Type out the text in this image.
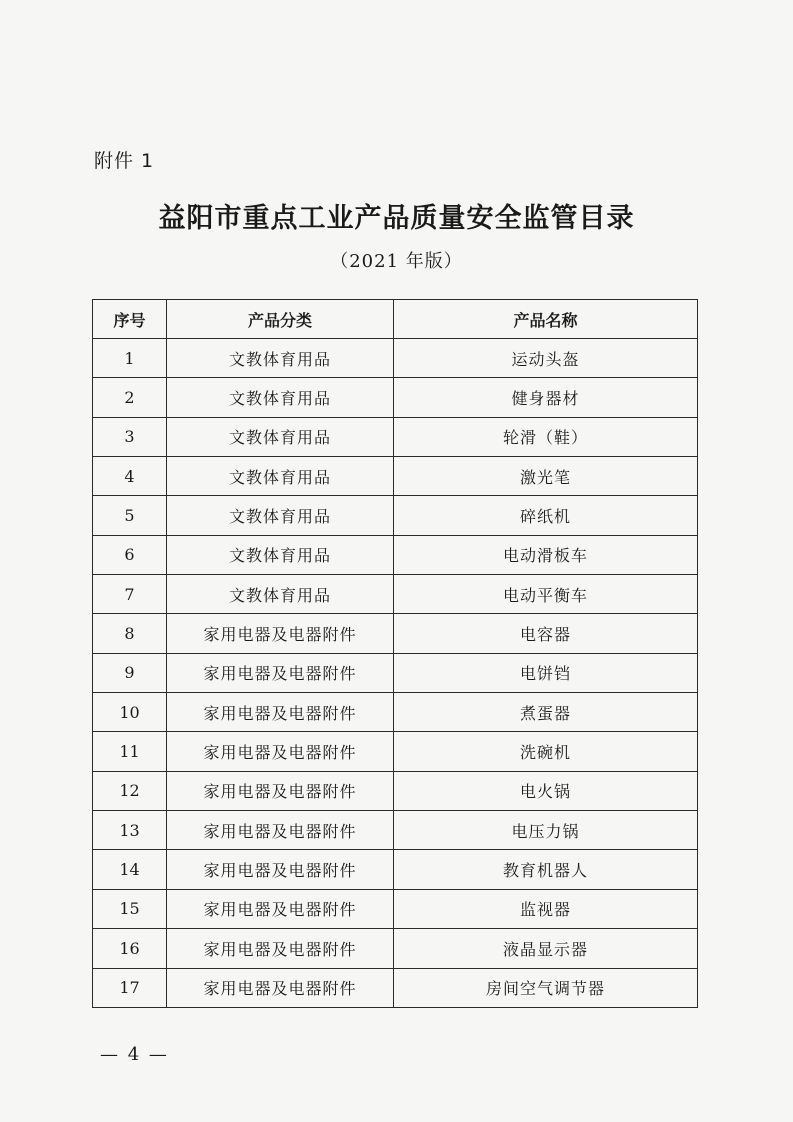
附件 1
益阳市重点工业产品质量安全监管目录
（2021 年版）
序号	产品分类	产品名称
1	文教体育用品	运动头盔
2	文教体育用品	健身器材
3	文教体育用品	轮滑（鞋）
4	文教体育用品	激光笔
5	文教体育用品	碎纸机
6	文教体育用品	电动滑板车
7	文教体育用品	电动平衡车
8	家用电器及电器附件	电容器
9	家用电器及电器附件	电饼铛
10	家用电器及电器附件	煮蛋器
11	家用电器及电器附件	洗碗机
12	家用电器及电器附件	电火锅
13	家用电器及电器附件	电压力锅
14	家用电器及电器附件	教育机器人
15	家用电器及电器附件	监视器
16	家用电器及电器附件	液晶显示器
17	家用电器及电器附件	房间空气调节器
— 4 —
